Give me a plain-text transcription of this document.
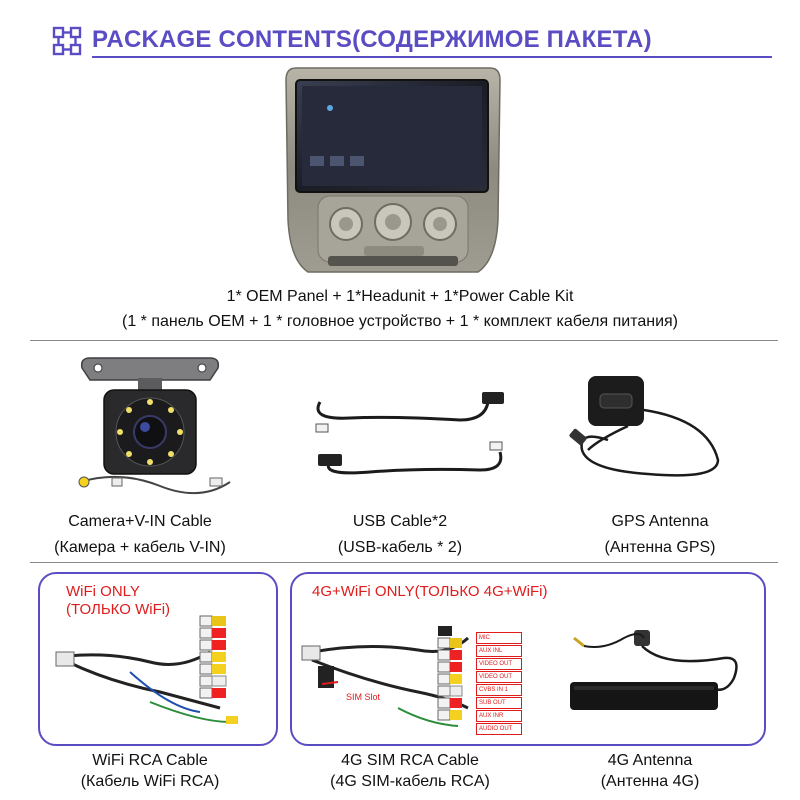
PACKAGE CONTENTS(СОДЕРЖИМОЕ ПАКЕТА)
1* OEM Panel + 1*Headunit + 1*Power Cable Kit
(1 * панель OEM + 1 * головное устройство + 1 * комплект кабеля питания)
Camera+V-IN Cable
(Камера + кабель V-IN)
USB Cable*2
(USB-кабель * 2)
GPS Antenna
(Антенна GPS)
WiFi ONLY
(ТОЛЬКО WiFi)
WiFi RCA Cable
(Кабель WiFi RCA)
4G+WiFi ONLY(ТОЛЬКО 4G+WiFi)
SIM Slot
MIC
AUX INL
VIDEO OUT
VIDEO OUT
CVBS IN 1
SUB OUT
AUX INR
AUDIO OUT
4G SIM RCA Cable
(4G SIM-кабель RCA)
4G Antenna
(Антенна 4G)
